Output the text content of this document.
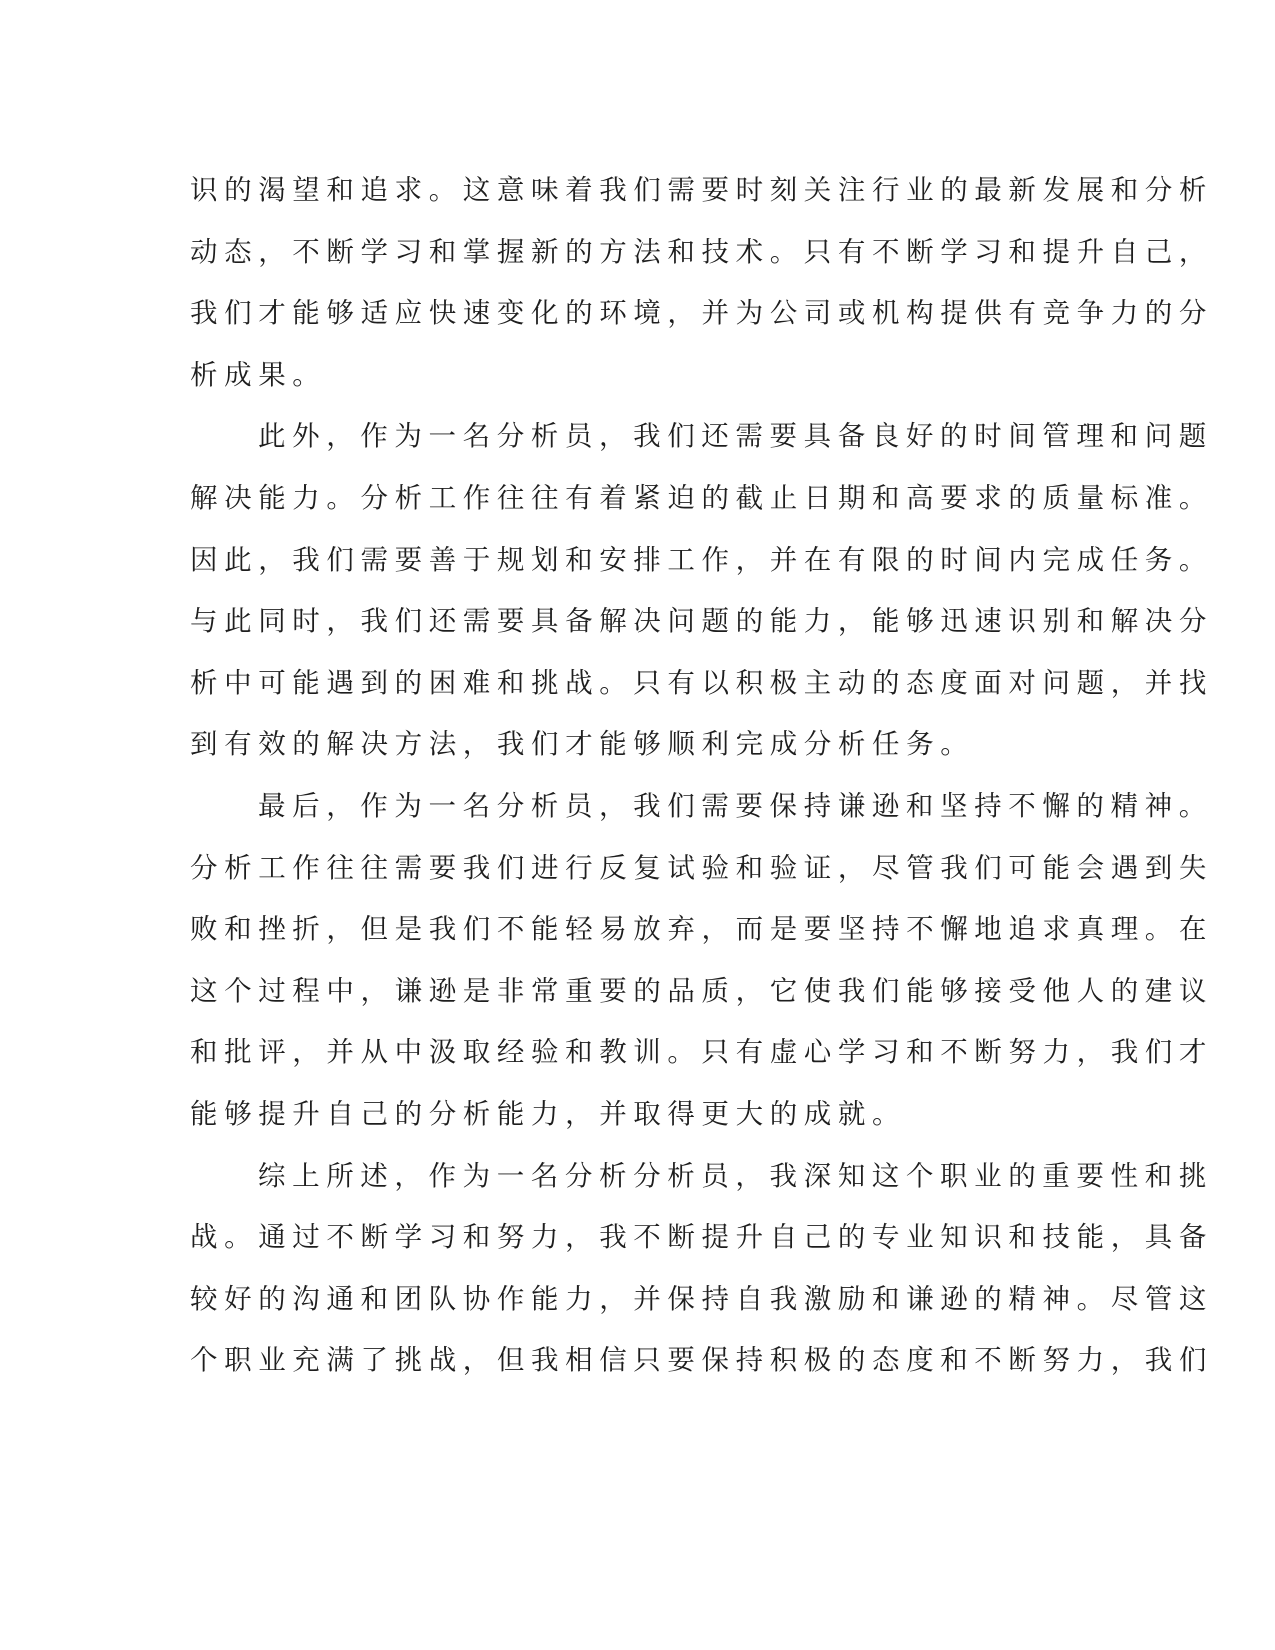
识的渴望和追求。这意味着我们需要时刻关注行业的最新发展和分析
动态，不断学习和掌握新的方法和技术。只有不断学习和提升自己，
我们才能够适应快速变化的环境，并为公司或机构提供有竞争力的分
析成果。
此外，作为一名分析员，我们还需要具备良好的时间管理和问题
解决能力。分析工作往往有着紧迫的截止日期和高要求的质量标准。
因此，我们需要善于规划和安排工作，并在有限的时间内完成任务。
与此同时，我们还需要具备解决问题的能力，能够迅速识别和解决分
析中可能遇到的困难和挑战。只有以积极主动的态度面对问题，并找
到有效的解决方法，我们才能够顺利完成分析任务。
最后，作为一名分析员，我们需要保持谦逊和坚持不懈的精神。
分析工作往往需要我们进行反复试验和验证，尽管我们可能会遇到失
败和挫折，但是我们不能轻易放弃，而是要坚持不懈地追求真理。在
这个过程中，谦逊是非常重要的品质，它使我们能够接受他人的建议
和批评，并从中汲取经验和教训。只有虚心学习和不断努力，我们才
能够提升自己的分析能力，并取得更大的成就。
综上所述，作为一名分析分析员，我深知这个职业的重要性和挑
战。通过不断学习和努力，我不断提升自己的专业知识和技能，具备
较好的沟通和团队协作能力，并保持自我激励和谦逊的精神。尽管这
个职业充满了挑战，但我相信只要保持积极的态度和不断努力，我们
